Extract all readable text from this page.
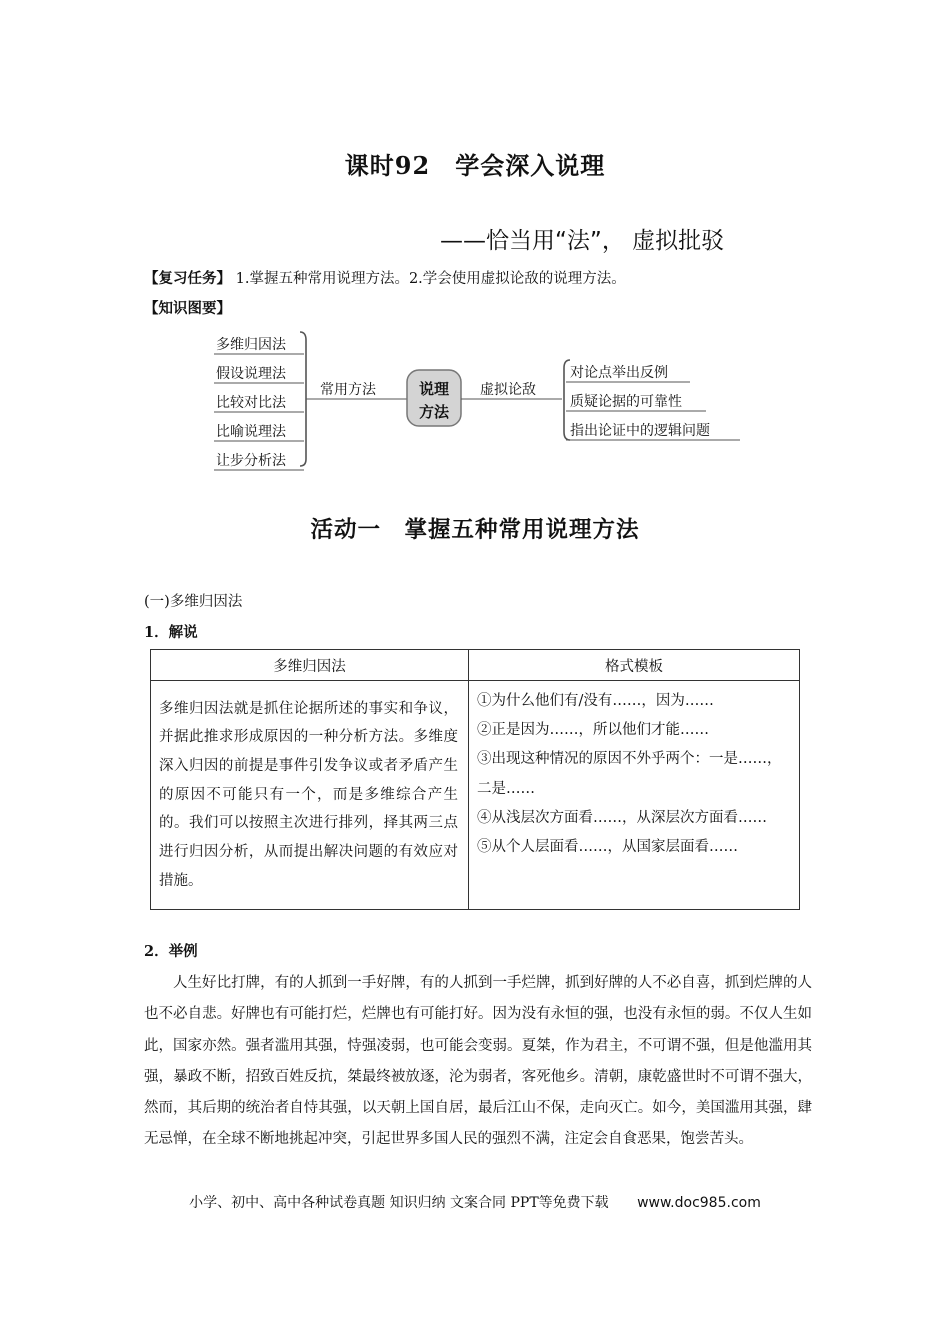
课时92　学会深入说理
——恰当用“法”， 虚拟批驳
【复习任务】 1.掌握五种常用说理方法。2.学会使用虚拟论敌的说理方法。
【知识图要】
多维归因法
假设说理法
比较对比法
比喻说理法
让步分析法
常用方法	说理
方法
虚拟论敌
对论点举出反例
质疑论据的可靠性
指出论证中的逻辑问题
活动一　掌握五种常用说理方法
(一)多维归因法
1．解说
多维归因法	格式模板
多维归因法就是抓住论据所述的事实和争议，并据此推求形成原因的一种分析方法。多维度深入归因的前提是事件引发争议或者矛盾产生的原因不可能只有一个，而是多维综合产生的。我们可以按照主次进行排列，择其两三点进行归因分析，从而提出解决问题的有效应对措施。	①为什么他们有/没有……，因为……
②正是因为……，所以他们才能……
③出现这种情况的原因不外乎两个：一是……，二是……
④从浅层次方面看……，从深层次方面看……
⑤从个人层面看……，从国家层面看……
2．举例
人生好比打牌，有的人抓到一手好牌，有的人抓到一手烂牌，抓到好牌的人不必自喜，抓到烂牌的人也不必自悲。好牌也有可能打烂，烂牌也有可能打好。因为没有永恒的强，也没有永恒的弱。不仅人生如此，国家亦然。强者滥用其强，恃强凌弱，也可能会变弱。夏桀，作为君主，不可谓不强，但是他滥用其强，暴政不断，招致百姓反抗，桀最终被放逐，沦为弱者，客死他乡。清朝，康乾盛世时不可谓不强大，然而，其后期的统治者自恃其强，以天朝上国自居，最后江山不保，走向灭亡。如今，美国滥用其强，肆无忌惮，在全球不断地挑起冲突，引起世界多国人民的强烈不满，注定会自食恶果，饱尝苦头。
小学、初中、高中各种试卷真题 知识归纳 文案合同 PPT等免费下载 www.doc985.com
